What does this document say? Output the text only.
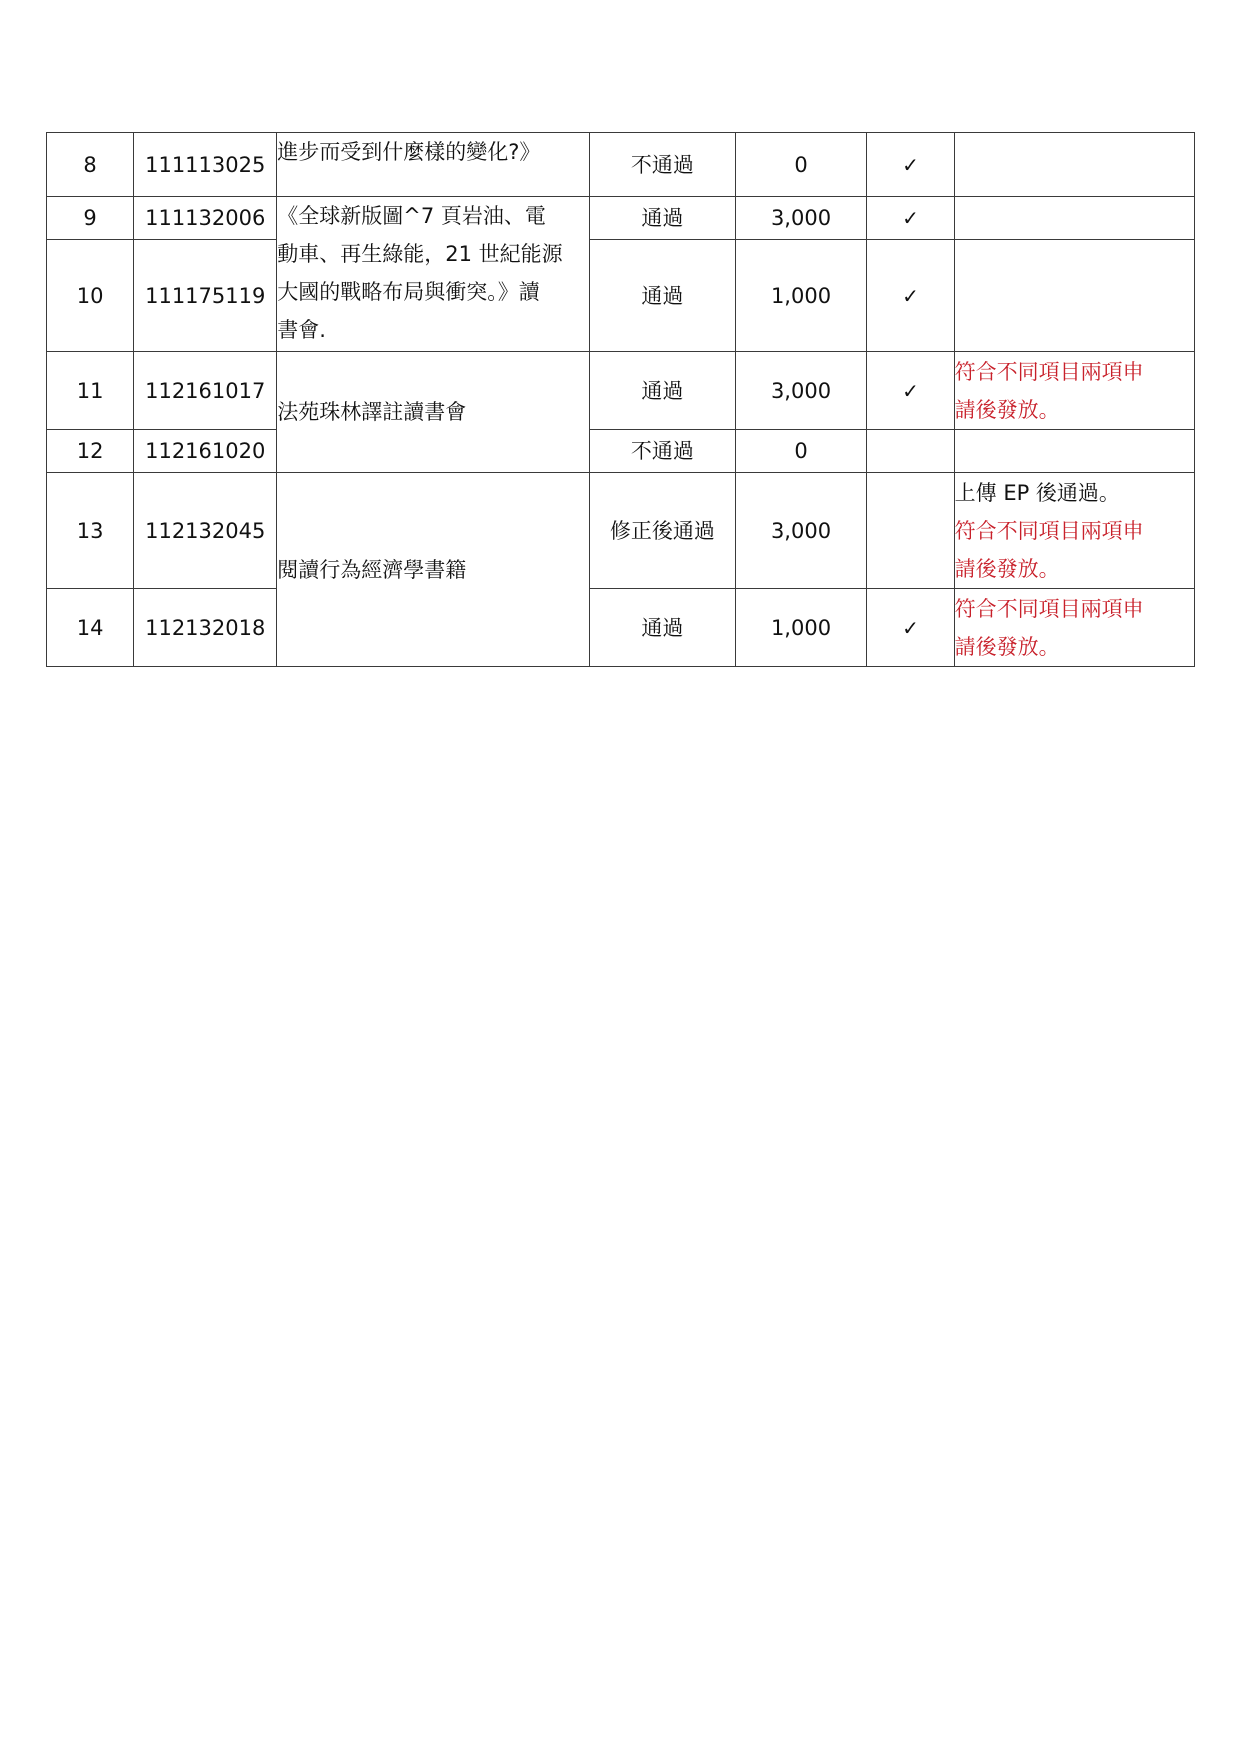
8	111113025	進步而受到什麼樣的變化?》	不通過	0	✓	
9	111132006	《全球新版圖^7 頁岩油、電
動車、再生綠能，21 世紀能源
大國的戰略布局與衝突。》讀
書會.	通過	3,000	✓	
10	111175119		通過	1,000	✓	
11	112161017	法苑珠林譯註讀書會	通過	3,000	✓	符合不同項目兩項申
請後發放。

12	112161020		不通過	0		
13	112132045	閱讀行為經濟學書籍	修正後通過	3,000		上傳 EP 後通過。
符合不同項目兩項申
請後發放。

14	112132018		通過	1,000	✓	符合不同項目兩項申
請後發放。
